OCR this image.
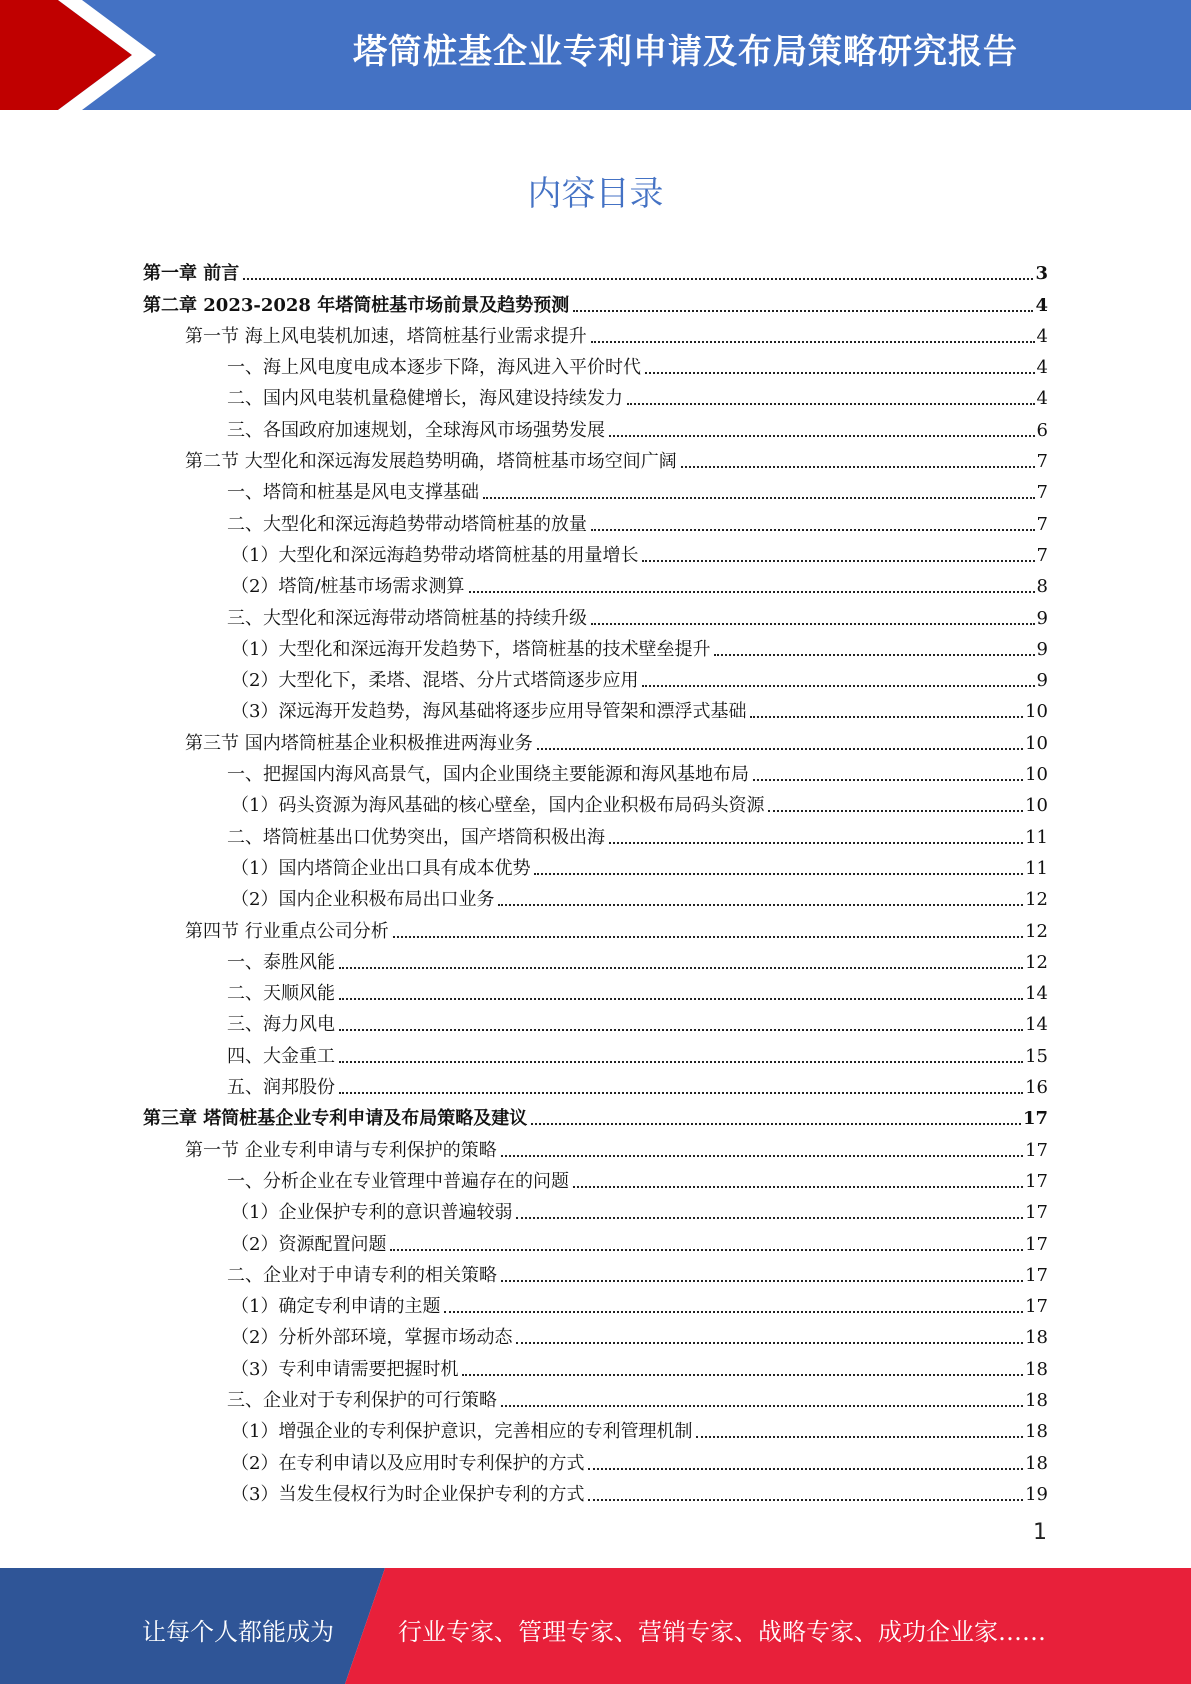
塔筒桩基企业专利申请及布局策略研究报告
内容目录
第一章 前言	3
第二章 2023-2028 年塔筒桩基市场前景及趋势预测	4
第一节 海上风电装机加速，塔筒桩基行业需求提升	4
一、海上风电度电成本逐步下降，海风进入平价时代	4
二、国内风电装机量稳健增长，海风建设持续发力	4
三、各国政府加速规划，全球海风市场强势发展	6
第二节 大型化和深远海发展趋势明确，塔筒桩基市场空间广阔	7
一、塔筒和桩基是风电支撑基础	7
二、大型化和深远海趋势带动塔筒桩基的放量	7
（1）大型化和深远海趋势带动塔筒桩基的用量增长	7
（2）塔筒/桩基市场需求测算	8
三、大型化和深远海带动塔筒桩基的持续升级	9
（1）大型化和深远海开发趋势下，塔筒桩基的技术壁垒提升	9
（2）大型化下，柔塔、混塔、分片式塔筒逐步应用	9
（3）深远海开发趋势，海风基础将逐步应用导管架和漂浮式基础	10
第三节 国内塔筒桩基企业积极推进两海业务	10
一、把握国内海风高景气，国内企业围绕主要能源和海风基地布局	10
（1）码头资源为海风基础的核心壁垒，国内企业积极布局码头资源	10
二、塔筒桩基出口优势突出，国产塔筒积极出海	11
（1）国内塔筒企业出口具有成本优势	11
（2）国内企业积极布局出口业务	12
第四节 行业重点公司分析	12
一、泰胜风能	12
二、天顺风能	14
三、海力风电	14
四、大金重工	15
五、润邦股份	16
第三章 塔筒桩基企业专利申请及布局策略及建议	17
第一节 企业专利申请与专利保护的策略	17
一、分析企业在专业管理中普遍存在的问题	17
（1）企业保护专利的意识普遍较弱	17
（2）资源配置问题	17
二、企业对于申请专利的相关策略	17
（1）确定专利申请的主题	17
（2）分析外部环境，掌握市场动态	18
（3）专利申请需要把握时机	18
三、企业对于专利保护的可行策略	18
（1）增强企业的专利保护意识，完善相应的专利管理机制	18
（2）在专利申请以及应用时专利保护的方式	18
（3）当发生侵权行为时企业保护专利的方式	19
1
让每个人都能成为	行业专家、管理专家、营销专家、战略专家、成功企业家……
